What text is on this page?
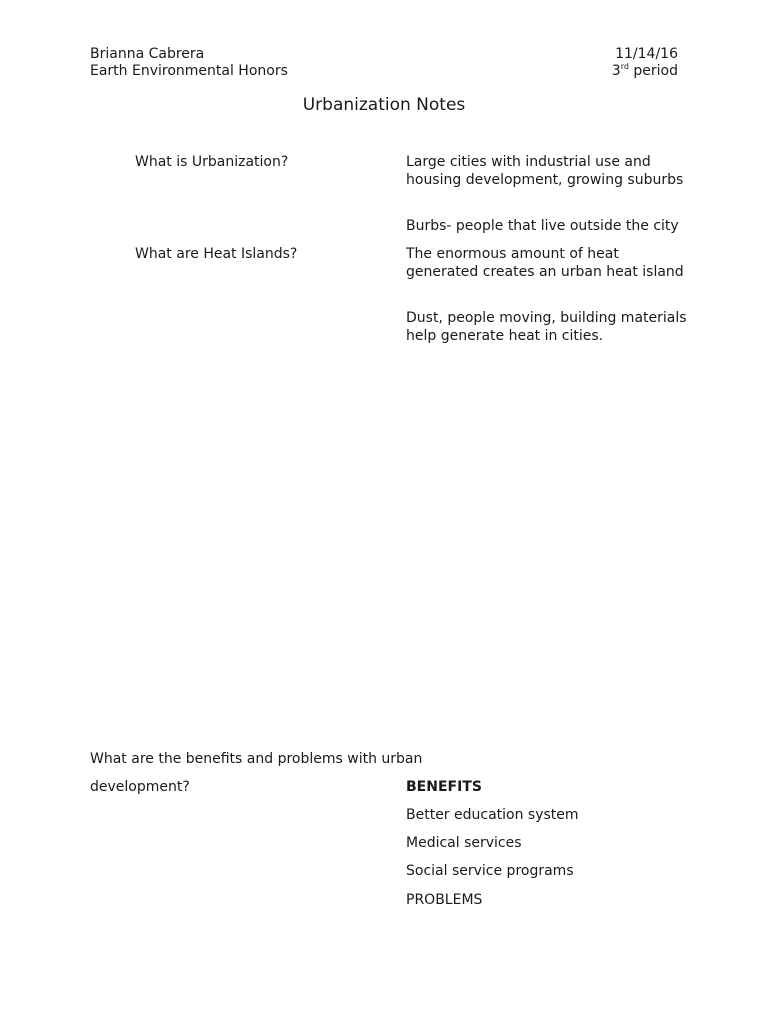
Brianna Cabrera

Earth Environmental Honors

11/14/16

3rd period

Urbanization Notes

What is Urbanization?	Large cities with industrial use and housing development, growing suburbs

Burbs- people that live outside the city

What are Heat Islands?	The enormous amount of heat generated creates an urban heat island

Dust, people moving, building materials help generate heat in cities.

What are the benefits and problems with urban

development?	BENEFITS

Better education system

Medical services

Social service programs

PROBLEMS
